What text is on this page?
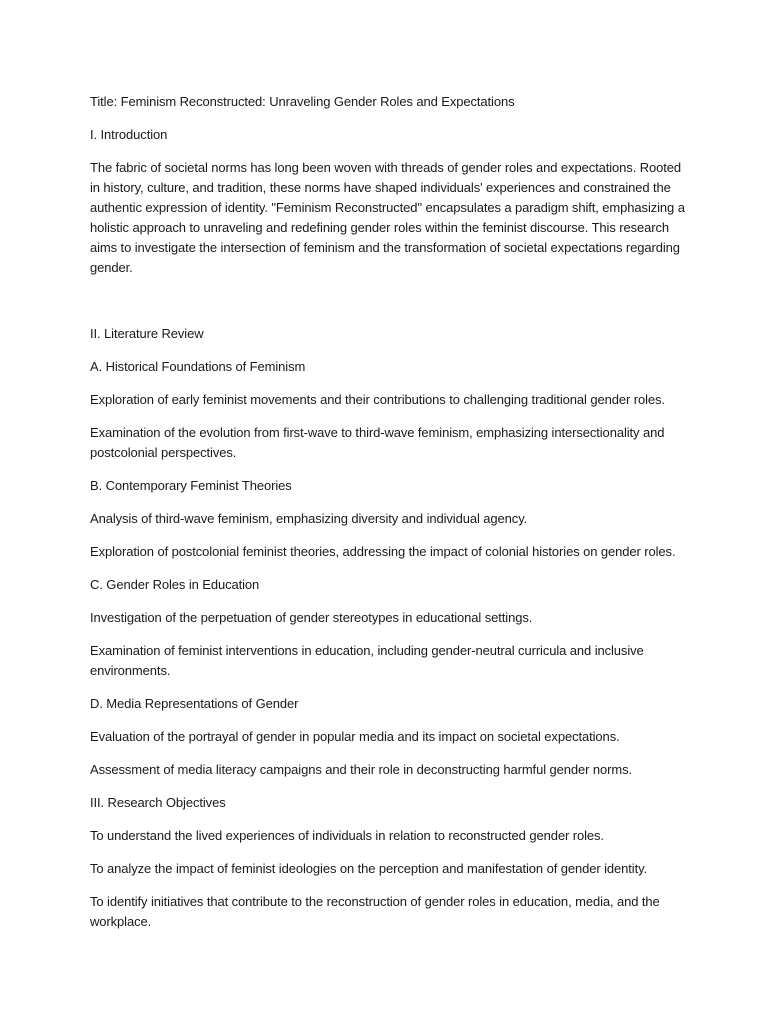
Title: Feminism Reconstructed: Unraveling Gender Roles and Expectations

I. Introduction

The fabric of societal norms has long been woven with threads of gender roles and expectations. Rooted in history, culture, and tradition, these norms have shaped individuals' experiences and constrained the authentic expression of identity. "Feminism Reconstructed" encapsulates a paradigm shift, emphasizing a holistic approach to unraveling and redefining gender roles within the feminist discourse. This research aims to investigate the intersection of feminism and the transformation of societal expectations regarding gender.

II. Literature Review

A. Historical Foundations of Feminism

Exploration of early feminist movements and their contributions to challenging traditional gender roles.

Examination of the evolution from first-wave to third-wave feminism, emphasizing intersectionality and postcolonial perspectives.

B. Contemporary Feminist Theories

Analysis of third-wave feminism, emphasizing diversity and individual agency.

Exploration of postcolonial feminist theories, addressing the impact of colonial histories on gender roles.

C. Gender Roles in Education

Investigation of the perpetuation of gender stereotypes in educational settings.

Examination of feminist interventions in education, including gender-neutral curricula and inclusive environments.

D. Media Representations of Gender

Evaluation of the portrayal of gender in popular media and its impact on societal expectations.

Assessment of media literacy campaigns and their role in deconstructing harmful gender norms.

III. Research Objectives

To understand the lived experiences of individuals in relation to reconstructed gender roles.

To analyze the impact of feminist ideologies on the perception and manifestation of gender identity.

To identify initiatives that contribute to the reconstruction of gender roles in education, media, and the workplace.
